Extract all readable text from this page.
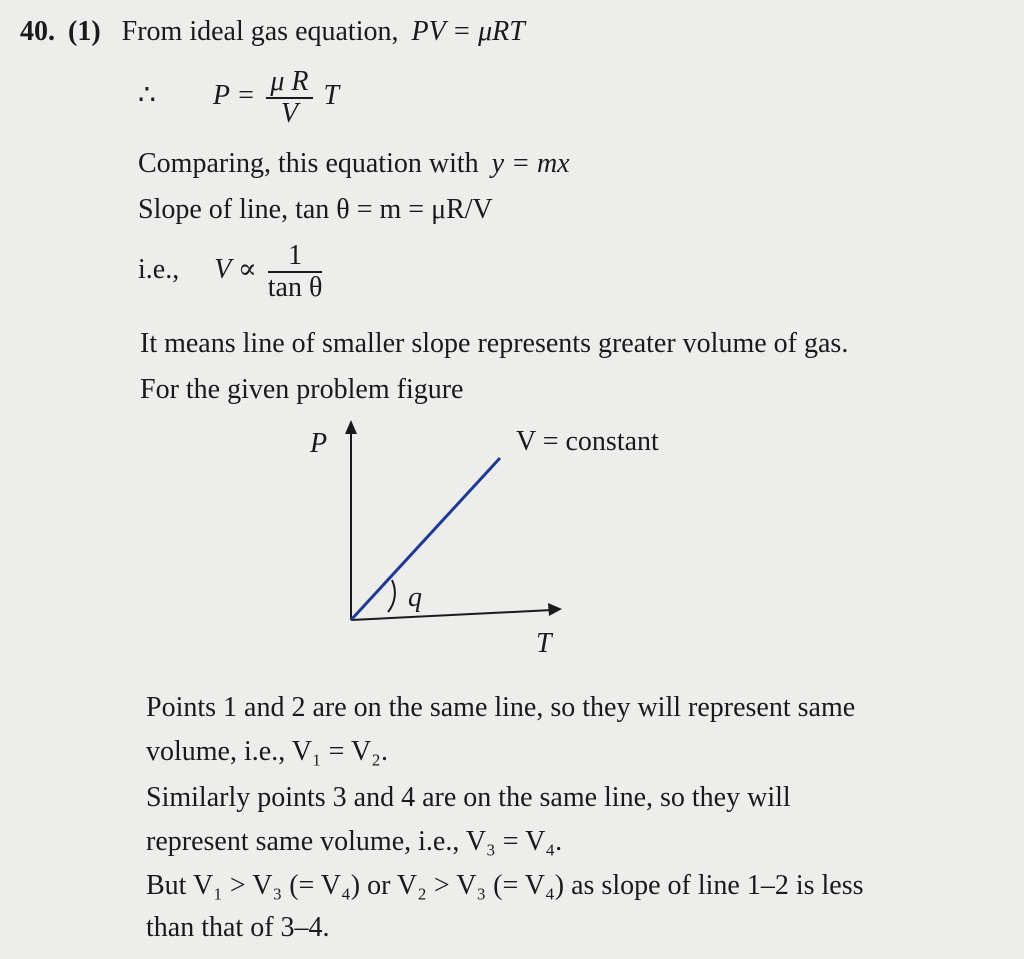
40. (1) From ideal gas equation, PV = μRT
∴ $P = \frac{\text{μ R}}{V}$ T
Comparing, this equation with y = mx
Slope of line, tan θ = m = μR/V
i.e., $V \propto \frac{1}{\text{tan θ}}$
It means line of smaller slope represents greater volume of gas.
For the given problem figure
P
T
V = constant
q
Points 1 and 2 are on the same line, so they will represent same
volume, i.e., V₁ = V₂.
Similarly points 3 and 4 are on the same line, so they will
represent same volume, i.e., V₃ = V₄.
But V₁ > V₃ (= V₄) or V₂ > V₃ (= V₄) as slope of line 1–2 is less
than that of 3–4.
